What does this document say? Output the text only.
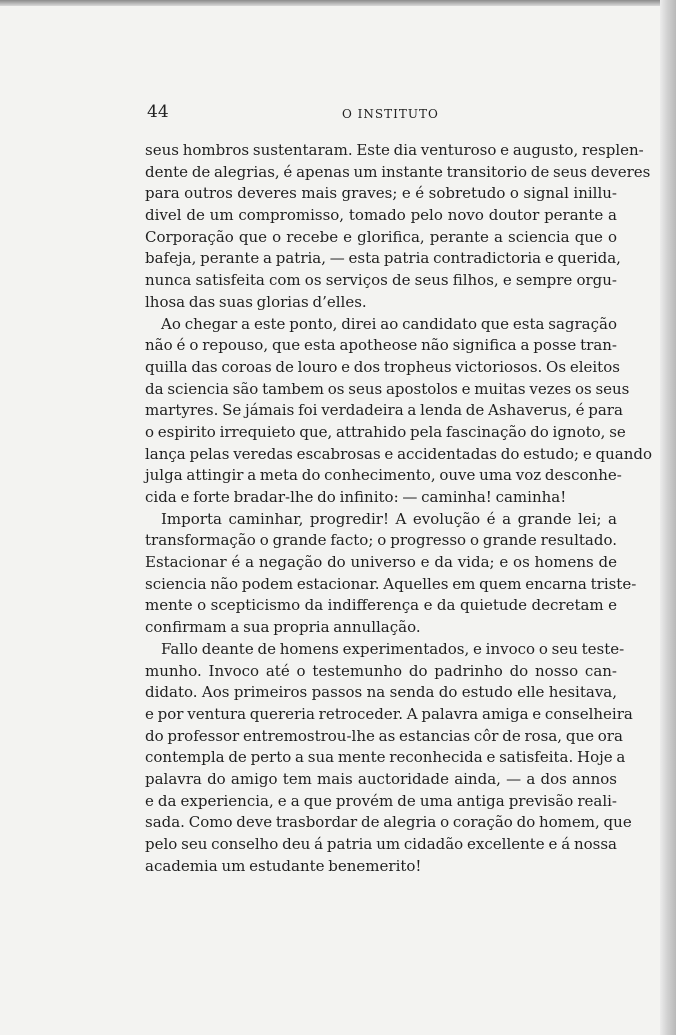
44	O INSTITUTO
seus hombros sustentaram. Este dia venturoso e augusto, resplen-
dente de alegrias, é apenas um instante transitorio de seus deveres
para outros deveres mais graves; e é sobretudo o signal inillu-
divel de um compromisso, tomado pelo novo doutor perante a
Corporação que o recebe e glorifica, perante a sciencia que o
bafeja, perante a patria, — esta patria contradictoria e querida,
nunca satisfeita com os serviços de seus filhos, e sempre orgu-
lhosa das suas glorias d’elles.
Ao chegar a este ponto, direi ao candidato que esta sagração
não é o repouso, que esta apotheose não significa a posse tran-
quilla das coroas de louro e dos tropheus victoriosos. Os eleitos
da sciencia são tambem os seus apostolos e muitas vezes os seus
martyres. Se jámais foi verdadeira a lenda de Ashaverus, é para
o espirito irrequieto que, attrahido pela fascinação do ignoto, se
lança pelas veredas escabrosas e accidentadas do estudo; e quando
julga attingir a meta do conhecimento, ouve uma voz desconhe-
cida e forte bradar-lhe do infinito: — caminha! caminha!
Importa caminhar, progredir! A evolução é a grande lei; a
transformação o grande facto; o progresso o grande resultado.
Estacionar é a negação do universo e da vida; e os homens de
sciencia não podem estacionar. Aquelles em quem encarna triste-
mente o scepticismo da indifferença e da quietude decretam e
confirmam a sua propria annullação.
Fallo deante de homens experimentados, e invoco o seu teste-
munho. Invoco até o testemunho do padrinho do nosso can-
didato. Aos primeiros passos na senda do estudo elle hesitava,
e por ventura quereria retroceder. A palavra amiga e conselheira
do professor entremostrou-lhe as estancias côr de rosa, que ora
contempla de perto a sua mente reconhecida e satisfeita. Hoje a
palavra do amigo tem mais auctoridade ainda, — a dos annos
e da experiencia, e a que provém de uma antiga previsão reali-
sada. Como deve trasbordar de alegria o coração do homem, que
pelo seu conselho deu á patria um cidadão excellente e á nossa
academia um estudante benemerito!
